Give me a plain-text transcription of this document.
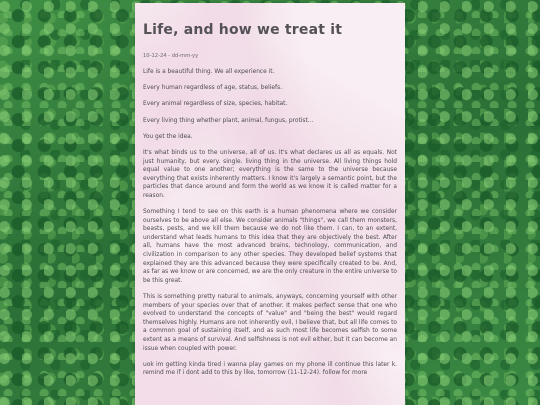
Life, and how we treat it
10-12-24 - dd-mm-yy

Life is a beautiful thing. We all experience it.

Every human regardless of age, status, beliefs.

Every animal regardless of size, species, habitat.

Every living thing whether plant, animal, fungus, protist...

You get the idea.

It's what binds us to the universe, all of us. It's what declares us all as equals. Not just humanity, but every. single. living thing in the universe. All living things hold equal value to one another; everything is the same to the universe because everything that exists inherently matters. I know it's largely a semantic point, but the particles that dance around and form the world as we know it is called matter for a reason.

Something I tend to see on this earth is a human phenomena where we consider ourselves to be above all else. We consider animals "things", we call them monsters, beasts, pests, and we kill them because we do not like them. I can, to an extent, understand what leads humans to this idea that they are objectively the best. After all, humans have the most advanced brains, technology, communication, and civilization in comparison to any other species. They developed belief systems that explained they are this advanced because they were specifically created to be. And, as far as we know or are concerned, we are the only creature in the entire universe to be this great.

This is something pretty natural to animals, anyways, concerning yourself with other members of your species over that of another. It makes perfect sense that one who evolved to understand the concepts of "value" and "being the best" would regard themselves highly. Humans are not inherently evil, I believe that, but all life comes to a common goal of sustaining itself, and as such most life becomes selfish to some extent as a means of survival. And selfishness is not evil either, but it can become an issue when coupled with power.

uok im getting kinda tired i wanna play games on my phone ill continue this later k. remind me if i dont add to this by like, tomorrow (11-12-24). follow for more
